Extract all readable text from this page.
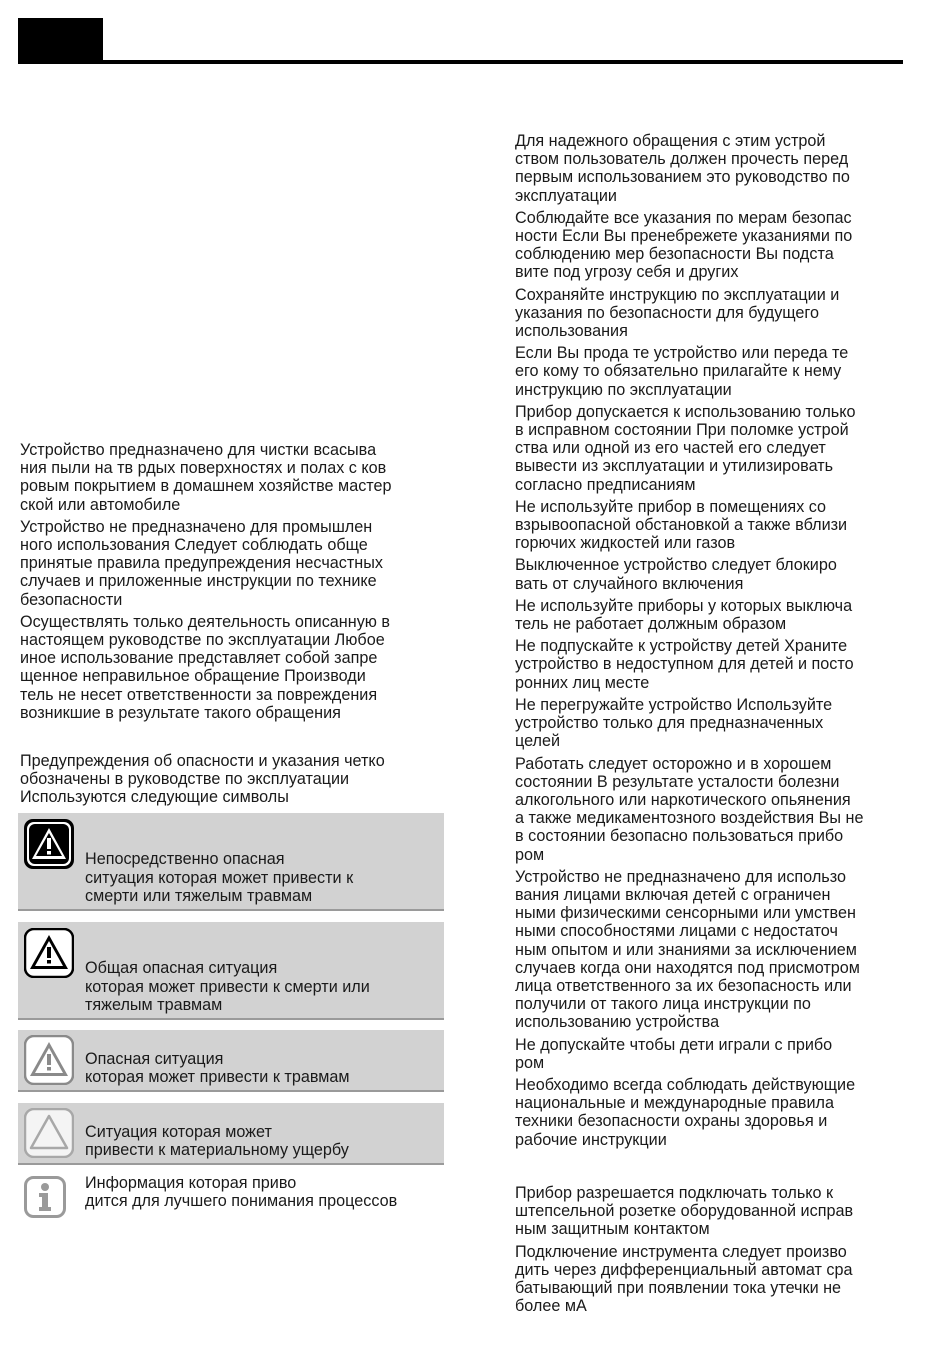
Устройство предназначено для чистки всасыва
ния пыли на тв рдых поверхностях и полах с ков
ровым покрытием в домашнем хозяйстве мастер
ской или автомобиле

Устройство не предназначено для промышлен
ного использования Следует соблюдать обще
принятые правила предупреждения несчастных
случаев и приложенные инструкции по технике
безопасности

Осуществлять только деятельность описанную в
настоящем руководстве по эксплуатации Любое
иное использование представляет собой запре
щенное неправильное обращение Производи
тель не несет ответственности за повреждения
возникшие в результате такого обращения

Предупреждения об опасности и указания четко
обозначены в руководстве по эксплуатации
Используются следующие символы

Непосредственно опасная
ситуация которая может привести к
смерти или тяжелым травмам
Общая опасная ситуация
которая может привести к смерти или
тяжелым травмам
Опасная ситуация
которая может привести к травмам
Ситуация которая может
привести к материальному ущербу
Информация которая приво
дится для лучшего понимания процессов

Для надежного обращения с этим устрой
ством пользователь должен прочесть перед
первым использованием это руководство по
эксплуатации

Соблюдайте все указания по мерам безопас
ности Если Вы пренебрежете указаниями по
соблюдению мер безопасности Вы подста
вите под угрозу себя и других

Сохраняйте инструкцию по эксплуатации и
указания по безопасности для будущего
использования

Если Вы прода те устройство или переда те
его кому то обязательно прилагайте к нему
инструкцию по эксплуатации

Прибор допускается к использованию только
в исправном состоянии При поломке устрой
ства или одной из его частей его следует
вывести из эксплуатации и утилизировать
согласно предписаниям

Не используйте прибор в помещениях со
взрывоопасной обстановкой а также вблизи
горючих жидкостей или газов

Выключенное устройство следует блокиро
вать от случайного включения

Не используйте приборы у которых выключа
тель не работает должным образом

Не подпускайте к устройству детей Храните
устройство в недоступном для детей и посто
ронних лиц месте

Не перегружайте устройство Используйте
устройство только для предназначенных
целей

Работать следует осторожно и в хорошем
состоянии В результате усталости болезни
алкогольного или наркотического опьянения
а также медикаментозного воздействия Вы не
в состоянии безопасно пользоваться прибо
ром

Устройство не предназначено для использо
вания лицами включая детей с ограничен
ными физическими сенсорными или умствен
ными способностями лицами с недостаточ
ным опытом и или знаниями за исключением
случаев когда они находятся под присмотром
лица ответственного за их безопасность или
получили от такого лица инструкции по
использованию устройства

Не допускайте чтобы дети играли с прибо
ром

Необходимо всегда соблюдать действующие
национальные и международные правила
техники безопасности охраны здоровья и
рабочие инструкции

Прибор разрешается подключать только к
штепсельной розетке оборудованной исправ
ным защитным контактом

Подключение инструмента следует произво
дить через дифференциальный автомат сра
батывающий при появлении тока утечки не
более мА
